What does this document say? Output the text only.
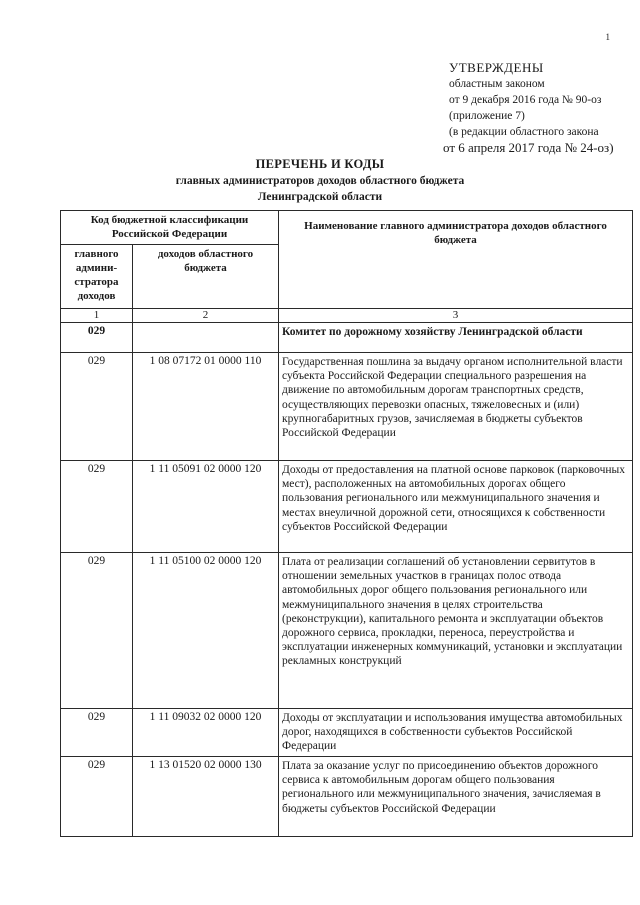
1
УТВЕРЖДЕНЫ
областным законом
от 9 декабря 2016 года № 90-оз
(приложение 7)
(в редакции областного закона
от 6 апреля 2017 года № 24-оз)
ПЕРЕЧЕНЬ И КОДЫ
главных администраторов доходов областного бюджета
Ленинградской области
Код бюджетной классификации Российской Федерации		Наименование главного администратора доходов областного бюджета
главного админи-стратора доходов	доходов областного бюджета	
1	2	3
029		Комитет по дорожному хозяйству Ленинградской области
029	1 08 07172 01 0000 110	Государственная пошлина за выдачу органом исполнительной власти субъекта Российской Федерации специального разрешения на движение по автомобильным дорогам транспортных средств, осуществляющих перевозки опасных, тяжеловесных и (или) крупногабаритных грузов, зачисляемая в бюджеты субъектов Российской Федерации
029	1 11 05091 02 0000 120	Доходы от предоставления на платной основе парковок (парковочных мест), расположенных на автомобильных дорогах общего пользования регионального или межмуниципального значения и местах внеуличной дорожной сети, относящихся к собственности субъектов Российской Федерации
029	1 11 05100 02 0000 120	Плата от реализации соглашений об установлении сервитутов в отношении земельных участков в границах полос отвода автомобильных дорог общего пользования регионального или межмуниципального значения в целях строительства (реконструкции), капитального ремонта и эксплуатации объектов дорожного сервиса, прокладки, переноса, переустройства и эксплуатации инженерных коммуникаций, установки и эксплуатации рекламных конструкций
029	1 11 09032 02 0000 120	Доходы от эксплуатации и использования имущества автомобильных дорог, находящихся в собственности субъектов Российской Федерации
029	1 13 01520 02 0000 130	Плата за оказание услуг по присоединению объектов дорожного сервиса к автомобильным дорогам общего пользования регионального или межмуниципального значения, зачисляемая в бюджеты субъектов Российской Федерации
